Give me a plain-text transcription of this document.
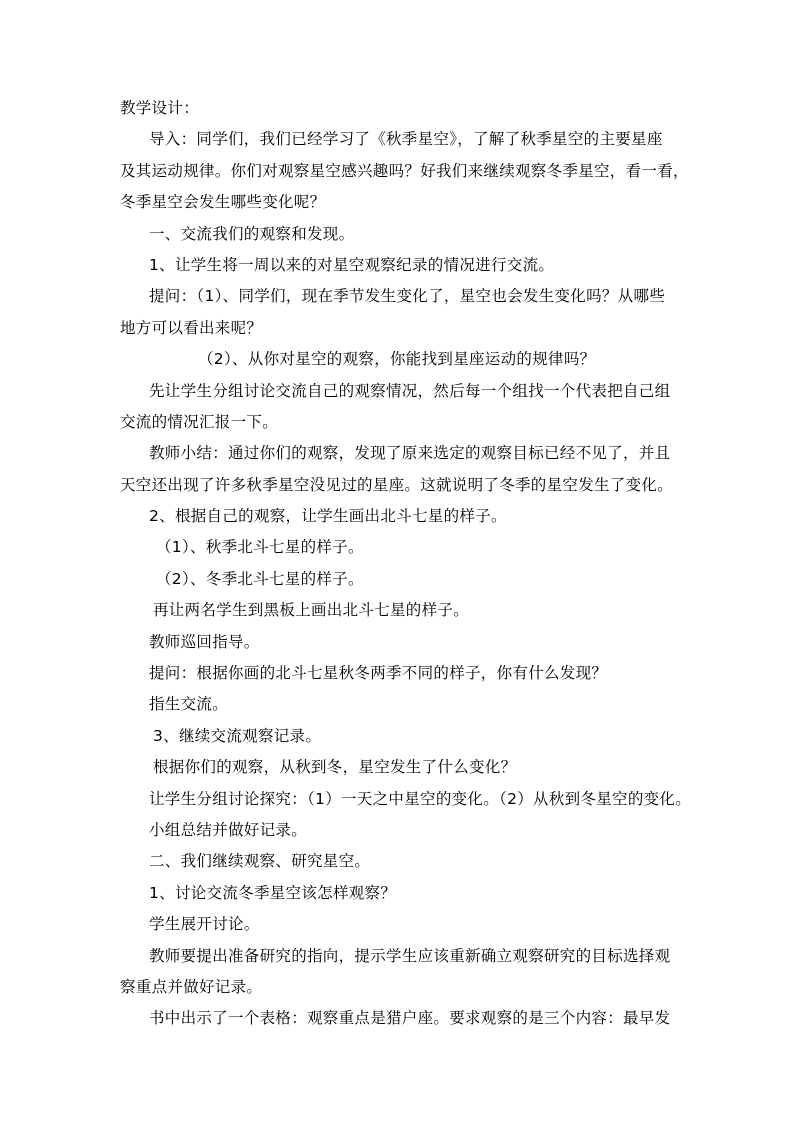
教学设计：
导入：同学们，我们已经学习了《秋季星空》，了解了秋季星空的主要星座
及其运动规律。你们对观察星空感兴趣吗？好我们来继续观察冬季星空，看一看，
冬季星空会发生哪些变化呢？
一、交流我们的观察和发现。
1、让学生将一周以来的对星空观察纪录的情况进行交流。
提问：（1）、同学们，现在季节发生变化了，星空也会发生变化吗？从哪些
地方可以看出来呢？
（2）、从你对星空的观察，你能找到星座运动的规律吗？
先让学生分组讨论交流自己的观察情况，然后每一个组找一个代表把自己组
交流的情况汇报一下。
教师小结：通过你们的观察，发现了原来选定的观察目标已经不见了，并且
天空还出现了许多秋季星空没见过的星座。这就说明了冬季的星空发生了变化。
2、根据自己的观察，让学生画出北斗七星的样子。
（1）、秋季北斗七星的样子。
（2）、冬季北斗七星的样子。
再让两名学生到黑板上画出北斗七星的样子。
教师巡回指导。
提问：根据你画的北斗七星秋冬两季不同的样子，你有什么发现？
指生交流。
3、继续交流观察记录。
根据你们的观察，从秋到冬，星空发生了什么变化？
让学生分组讨论探究：（1）一天之中星空的变化。（2）从秋到冬星空的变化。
小组总结并做好记录。
二、我们继续观察、研究星空。
1、讨论交流冬季星空该怎样观察？
学生展开讨论。
教师要提出准备研究的指向，提示学生应该重新确立观察研究的目标选择观
察重点并做好记录。
书中出示了一个表格：观察重点是猎户座。要求观察的是三个内容：最早发
